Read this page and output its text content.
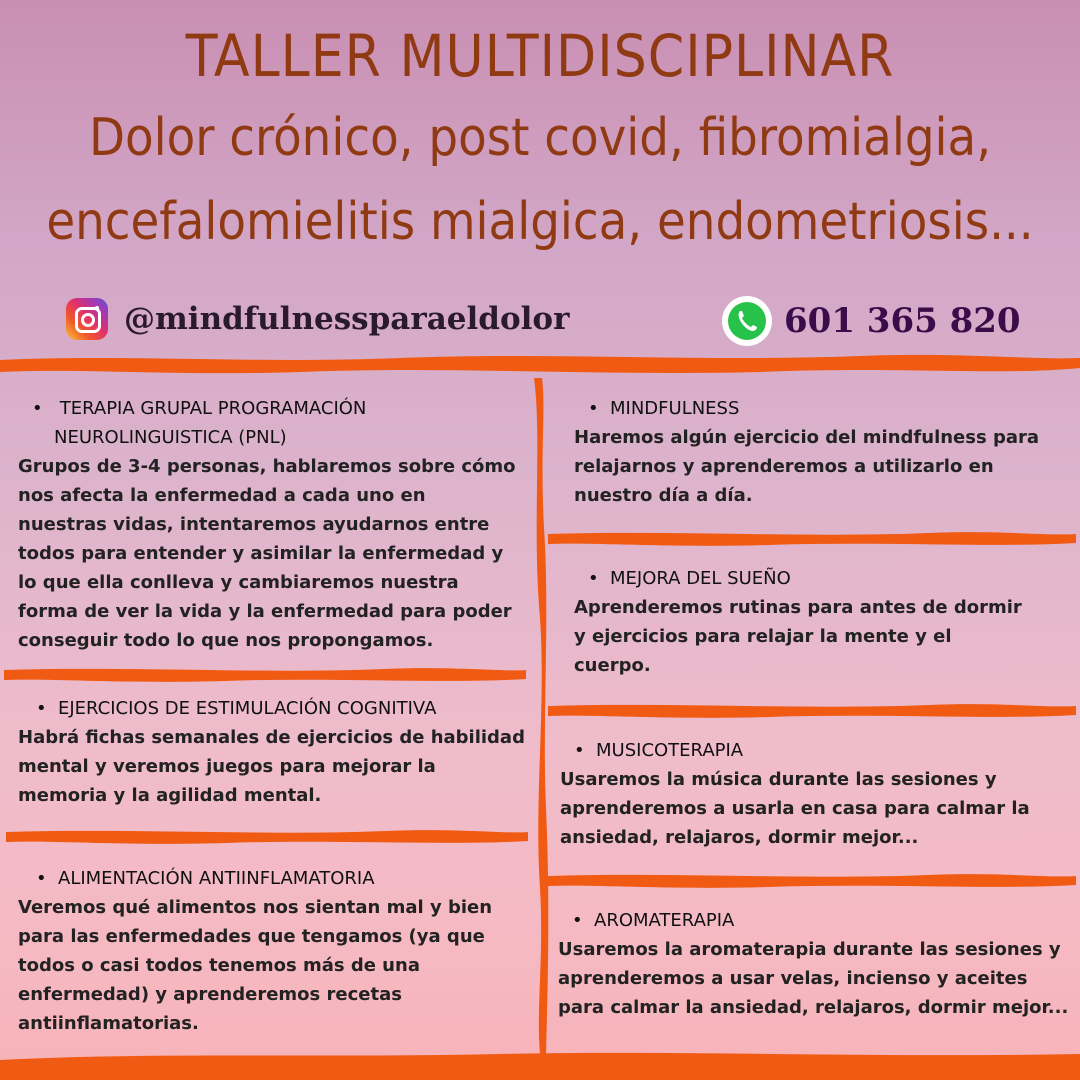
TALLER MULTIDISCIPLINAR
Dolor crónico, post covid, fibromialgia,
encefalomielitis mialgica, endometriosis...
@mindfulnessparaeldolor	601 365 820
• TERAPIA GRUPAL PROGRAMACIÓN
NEUROLINGUISTICA (PNL)
Grupos de 3-4 personas, hablaremos sobre cómo nos afecta la enfermedad a cada uno en nuestras vidas, intentaremos ayudarnos entre todos para entender y asimilar la enfermedad y lo que ella conlleva y cambiaremos nuestra forma de ver la vida y la enfermedad para poder conseguir todo lo que nos propongamos.
• EJERCICIOS DE ESTIMULACIÓN COGNITIVA
Habrá fichas semanales de ejercicios de habilidad mental y veremos juegos para mejorar la memoria y la agilidad mental.
• ALIMENTACIÓN ANTIINFLAMATORIA
Veremos qué alimentos nos sientan mal y bien para las enfermedades que tengamos (ya que todos o casi todos tenemos más de una enfermedad) y aprenderemos recetas antiinflamatorias.
• MINDFULNESS
Haremos algún ejercicio del mindfulness para relajarnos y aprenderemos a utilizarlo en nuestro día a día.
• MEJORA DEL SUEÑO
Aprenderemos rutinas para antes de dormir y ejercicios para relajar la mente y el cuerpo.
• MUSICOTERAPIA
Usaremos la música durante las sesiones y aprenderemos a usarla en casa para calmar la ansiedad, relajaros, dormir mejor...
• AROMATERAPIA
Usaremos la aromaterapia durante las sesiones y aprenderemos a usar velas, incienso y aceites para calmar la ansiedad, relajaros, dormir mejor...
